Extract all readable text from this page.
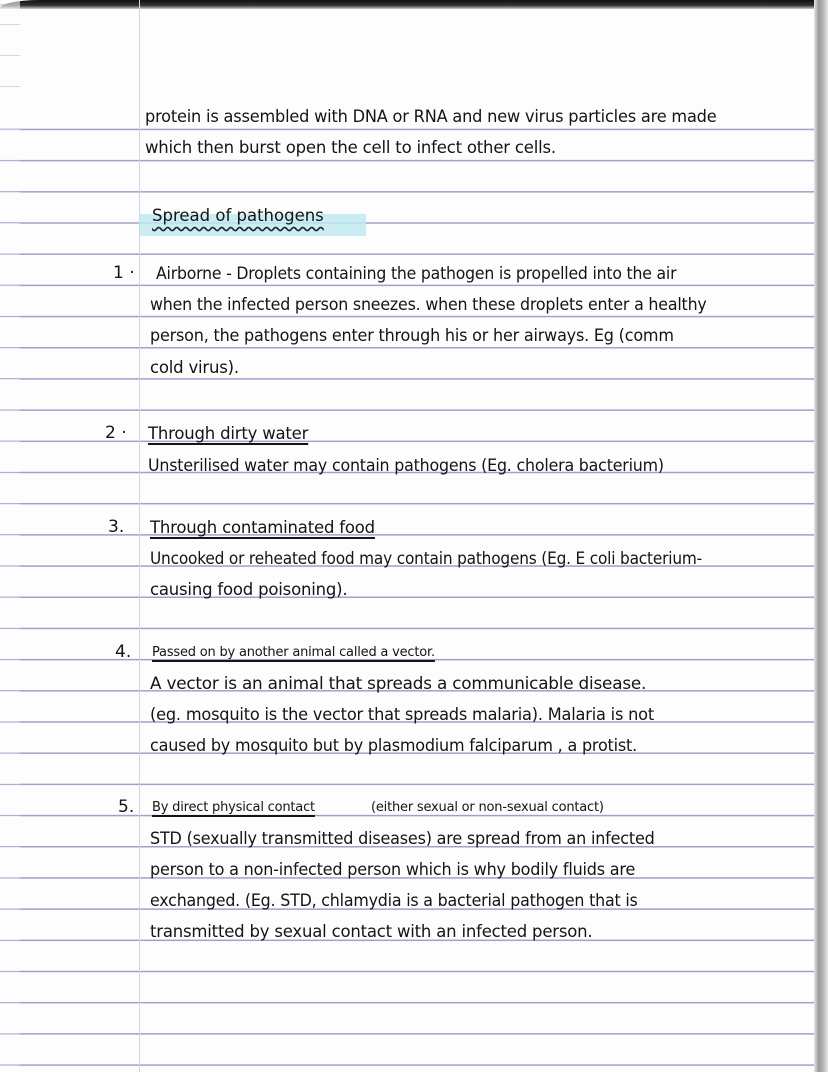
protein is assembled with DNA or RNA and new virus particles are made
which then burst open the cell to infect other cells.
Spread of pathogens
1 · Airborne - Droplets containing the pathogen is propelled into the air
when the infected person sneezes. when these droplets enter a healthy
person, the pathogens enter through his or her airways. Eg (comm
cold virus).
2 · Through dirty water
Unsterilised water may contain pathogens (Eg. cholera bacterium)
3. Through contaminated food
Uncooked or reheated food may contain pathogens (Eg. E coli bacterium-
causing food poisoning).
4. Passed on by another animal called a vector.
A vector is an animal that spreads a communicable disease.
(eg. mosquito is the vector that spreads malaria). Malaria is not
caused by mosquito but by plasmodium falciparum , a protist.
5. By direct physical contact	(either sexual or non-sexual contact)
STD (sexually transmitted diseases) are spread from an infected
person to a non-infected person which is why bodily fluids are
exchanged. (Eg. STD, chlamydia is a bacterial pathogen that is
transmitted by sexual contact with an infected person.
